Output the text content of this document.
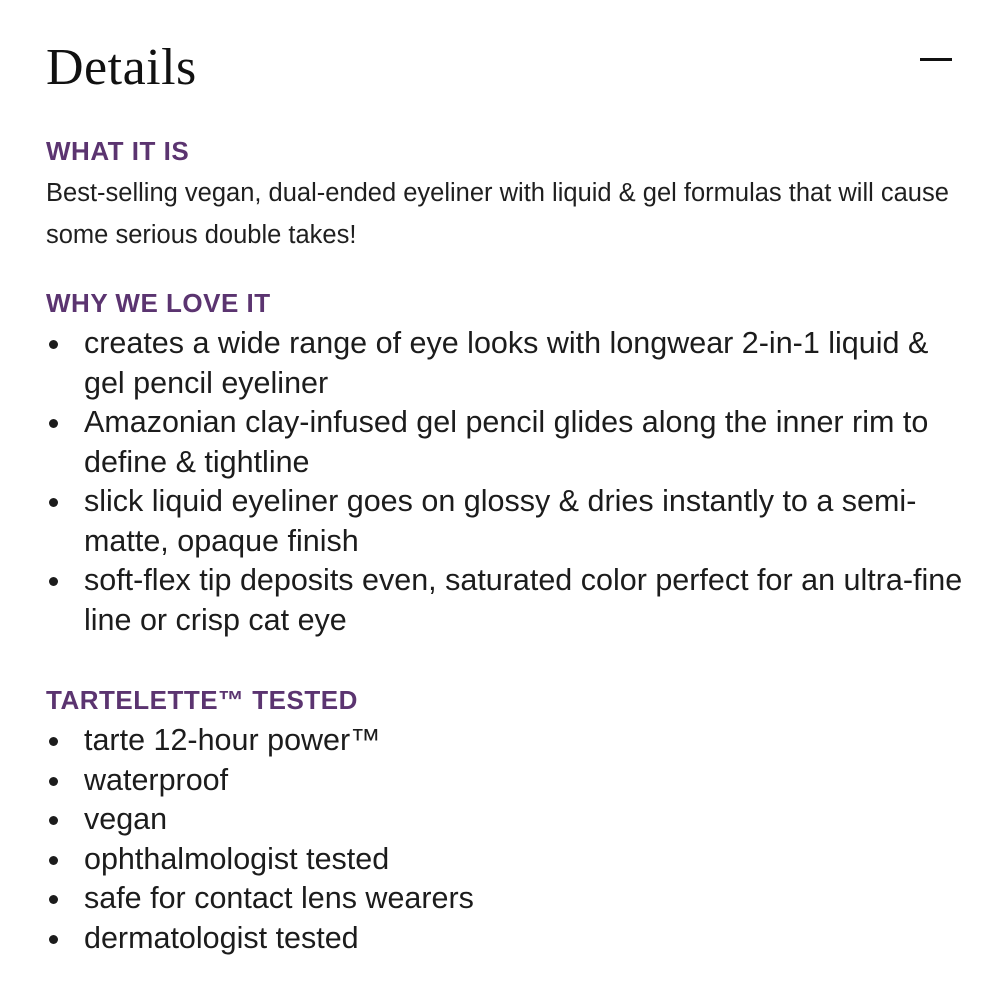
Details
WHAT IT IS

Best-selling vegan, dual-ended eyeliner with liquid & gel formulas that will cause some serious double takes!

WHY WE LOVE IT
creates a wide range of eye looks with longwear 2-in-1 liquid & gel pencil eyeliner
Amazonian clay-infused gel pencil glides along the inner rim to define & tightline
slick liquid eyeliner goes on glossy & dries instantly to a semi-matte, opaque finish
soft-flex tip deposits even, saturated color perfect for an ultra-fine line or crisp cat eye
TARTELETTE™ TESTED
tarte 12-hour power™
waterproof
vegan
ophthalmologist tested
safe for contact lens wearers
dermatologist tested
